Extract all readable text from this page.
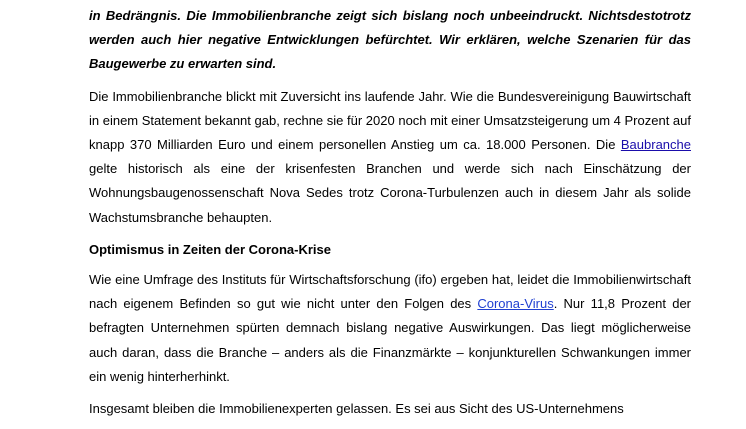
in Bedrängnis. Die Immobilienbranche zeigt sich bislang noch unbeeindruckt. Nichtsdestotrotz werden auch hier negative Entwicklungen befürchtet. Wir erklären, welche Szenarien für das Baugewerbe zu erwarten sind.

Die Immobilienbranche blickt mit Zuversicht ins laufende Jahr. Wie die Bundesvereinigung Bauwirtschaft in einem Statement bekannt gab, rechne sie für 2020 noch mit einer Umsatzsteigerung um 4 Prozent auf knapp 370 Milliarden Euro und einem personellen Anstieg um ca. 18.000 Personen. Die Baubranche gelte historisch als eine der krisenfesten Branchen und werde sich nach Einschätzung der Wohnungsbaugenossenschaft Nova Sedes trotz Corona-Turbulenzen auch in diesem Jahr als solide Wachstumsbranche behaupten.

Optimismus in Zeiten der Corona-Krise

Wie eine Umfrage des Instituts für Wirtschaftsforschung (ifo) ergeben hat, leidet die Immobilienwirtschaft nach eigenem Befinden so gut wie nicht unter den Folgen des Corona-Virus. Nur 11,8 Prozent der befragten Unternehmen spürten demnach bislang negative Auswirkungen. Das liegt möglicherweise auch daran, dass die Branche – anders als die Finanzmärkte – konjunkturellen Schwankungen immer ein wenig hinterherhinkt.

Insgesamt bleiben die Immobilienexperten gelassen. Es sei aus Sicht des US-Unternehmens
